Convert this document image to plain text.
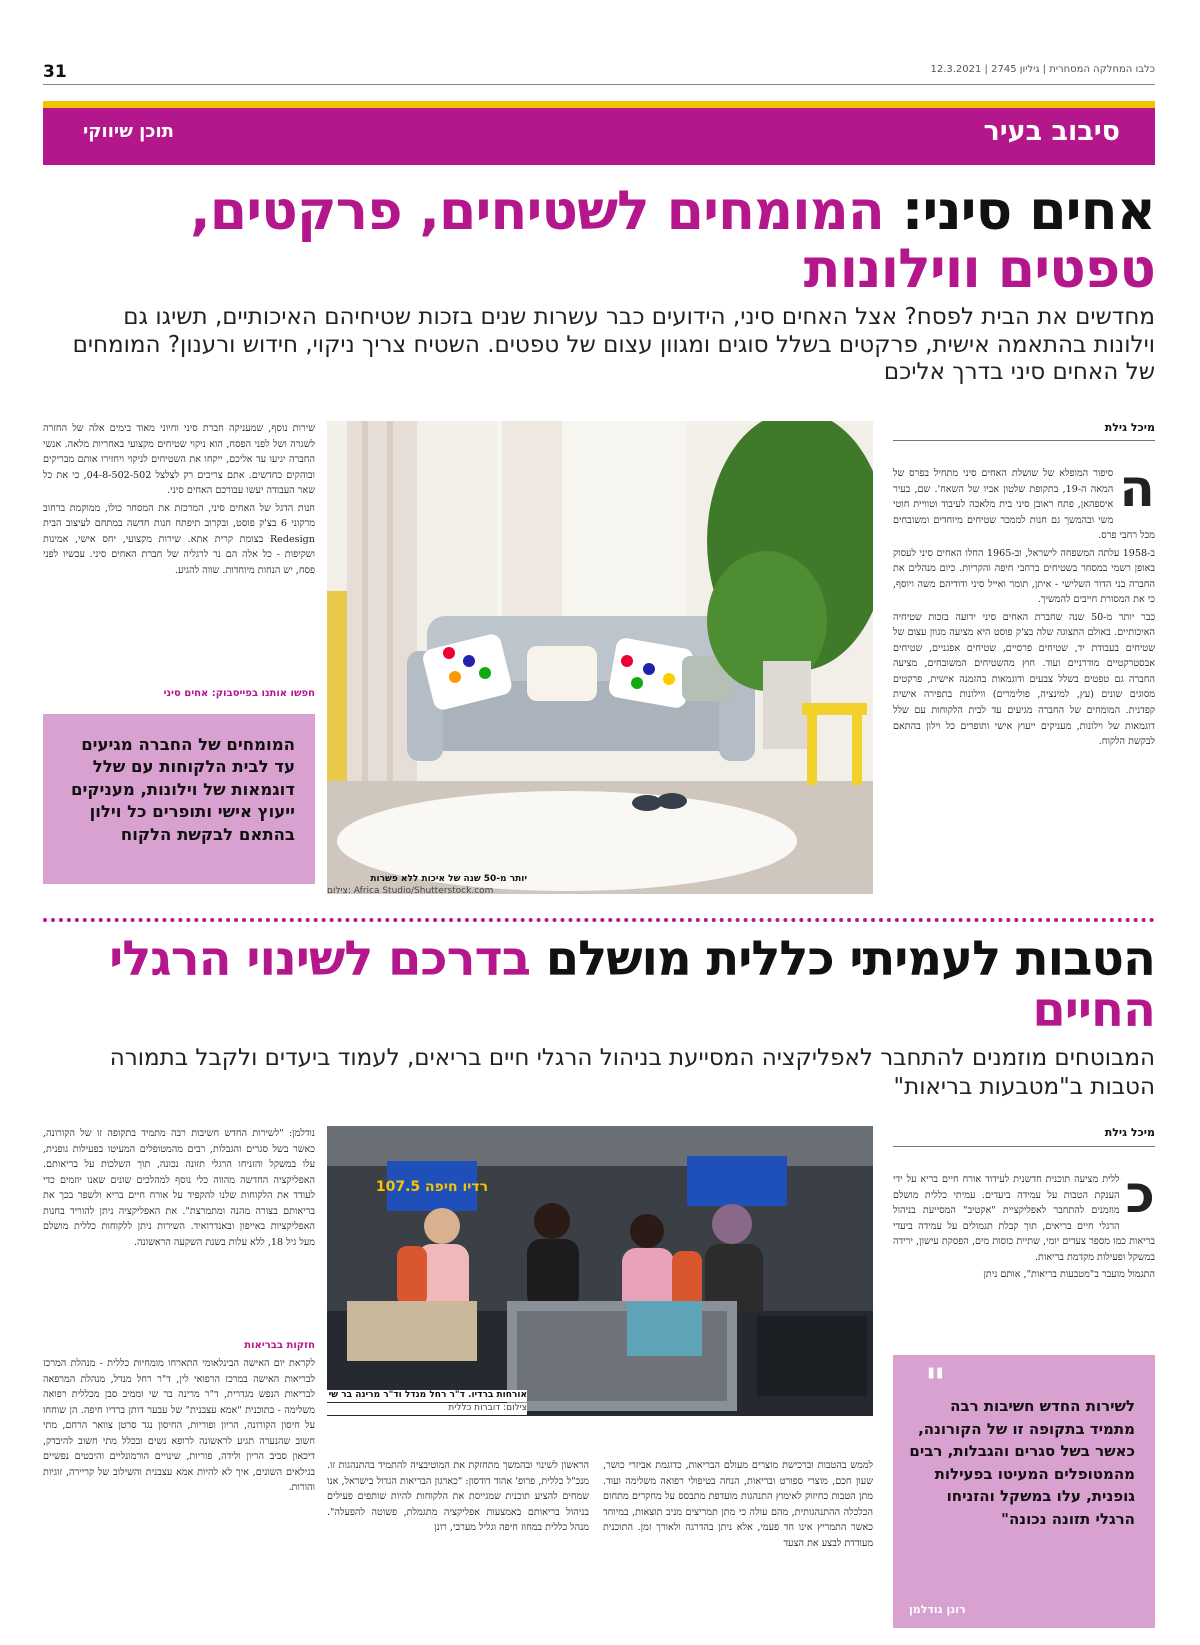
31	כלבו המחלקה המסחרית | גיליון 2745 | 12.3.2021
סיבוב בעיר
תוכן שיווקי
אחים סיני: המומחים לשטיחים, פרקטים, טפטים ווילונות
מחדשים את הבית לפסח? אצל האחים סיני, הידועים כבר עשרות שנים בזכות שטיחיהם האיכותיים, תשיגו גם וילונות בהתאמה אישית, פרקטים בשלל סוגים ומגוון עצום של טפטים. השטיח צריך ניקוי, חידוש ורענון? המומחים של האחים סיני בדרך אליכם
מיכל גילת
ה

סיפור המופלא של שושלת האחים סיני מתחיל בפרס של המאה ה-19, בתקופת שלטון אביו של השאח'. שם, בעיר איספהאן, פתח ראובן סיני בית מלאכה לעיבוד וטוויית חוטי משי ובהמשך גם חנות לממכר שטיחים מיוחדים ומשובחים מכל רחבי פרס.

ב-1958 עלתה המשפחה לישראל, וב-1965 החלו האחים סיני לעסוק באופן רשמי במסחר בשטיחים ברחבי חיפה והקריות. כיום מנהלים את החברה בני הדור השלישי - איתן, תומר ואייל סיני ודודיהם משה ויוסף, כי את המסורת חייבים להמשיך.

כבר יותר מ-50 שנה שחברת האחים סיני ידועה בזכות שטיחיה האיכותיים. באולם התצוגה שלה בצ'ק פוסט היא מציעה מגוון עצום של שטיחים בעבודת יד, שטיחים פרסיים, שטיחים אפגניים, שטיחים אבסטרקטיים מודרניים ועוד. חוץ מהשטיחים המשובחים, מציעה החברה גם טפטים בשלל צבעים ודוגמאות בהזמנה אישית, פרקטים מסוגים שונים (עץ, למינציה, פולימרים) ווילונות בתפירה אישית קפדנית. המומחים של החברה מגיעים עד לבית הלקוחות עם שלל דוגמאות של וילונות, מעניקים ייעוץ אישי ותופרים כל וילון בהתאם לבקשת הלקוח.

יותר מ-50 שנה של איכות ללא פשרות
צילום: Africa Studio/Shutterstock.com

שירות נוסף, שמעניקה חברת סיני וחיוני מאוד בימים אלה של החזרה לשגרה ושל לפני הפסח, הוא ניקוי שטיחים מקצועי באחריות מלאה. אנשי החברה יגיעו עד אליכם, ייקחו את השטיחים לניקוי ויחזירו אותם מבריקים ובוהקים כחדשים. אתם צריכים רק לצלצל 04-8-502-502, כי את כל שאר העבודה יעשו עבורכם האחים סיני.

חנות הדגל של האחים סיני, המרכזת את המסחר כולו, ממוקמת ברחוב מרקוני 6 בצ'ק פוסט, ובקרוב תיפתח חנות חדשה במתחם לעיצוב הבית Redesign בצומת קרית אתא. שירות מקצועי, יחס אישי, אמינות ושקיפות - כל אלה הם נר לרגליה של חברת האחים סיני. עכשיו לפני פסח, יש הנחות מיוחדות. שווה להגיע.

חפשו אותנו בפייסבוק: אחים סיני
המומחים של החברה מגיעים עד לבית הלקוחות עם שלל דוגמאות של וילונות, מעניקים ייעוץ אישי ותופרים כל וילון בהתאם לבקשת הלקוח
הטבות לעמיתי כללית מושלם בדרכם לשינוי הרגלי החיים
המבוטחים מוזמנים להתחבר לאפליקציה המסייעת בניהול הרגלי חיים בריאים, לעמוד ביעדים ולקבל בתמורה הטבות ב"מטבעות בריאות"
מיכל גילת
כ

ללית מציעה תוכנית חדשנית לעידוד אורח חיים בריא על ידי הענקת הטבות על עמידה ביעדים. עמיתי כללית מושלם מוזמנים להתחבר לאפליקציית "אקטיב" המסייעת בניהול הרגלי חיים בריאים, תוך קבלת תגמולים על עמידה ביעדי בריאות כמו מספר צעדים יומי, שתיית כוסות מים, הפסקת עישון, ירידה במשקל ופעילות מקדמת בריאות.

התגמול מועבר ב"מטבעות בריאות", אותם ניתן

" לשירות החדש חשיבות רבה מתמיד בתקופה זו של הקורונה, כאשר בשל סגרים והגבלות, רבים מהמטופלים המעיטו בפעילות גופנית, עלו במשקל והזניחו הרגלי תזונה נכונה"
רונן נודלמן
רדיו חיפה 107.5
אורחות ברדיו. ד"ר רחל מנדל וד"ר מרינה בר שי
צילום: דוברות כללית

לממש בהטבות וברכישת מוצרים מעולם הבריאות, כדוגמת אביזרי כושר, שעון חכם, מוצרי ספורט ובריאות, הנחה בטיפולי רפואה משלימה ועוד. מתן הטבות כחיזוק לאימוץ התנהגות מועדפת מתבסס על מחקרים מתחום הכלכלה ההתנהגותית, מהם עולה כי מתן תמריצים מניב תוצאות, במיוחד כאשר התמריץ אינו חד פעמי, אלא ניתן בהדרגה ולאורך זמן. התוכנית מעודדת לבצע את הצעד

הראשון לשינוי ובהמשך מתחזקת את המוטיבציה להתמיד בהתנהגות זו. מנכ"ל כללית, פרופ' אהוד דודסון: "כארגון הבריאות הגדול בישראל, אנו שמחים להציע תוכנית שמגייסת את הלקוחות להיות שותפים פעילים בניהול בריאותם באמצעות אפליקציה מתגמלת, פשוטה להפעלה". מנהל כללית במחוז חיפה וגליל מערבי, רונן

נודלמן: "לשירות החדש חשיבות רבה מתמיד בתקופה זו של הקורונה, כאשר בשל סגרים והגבלות, רבים מהמטופלים המעיטו בפעילות גופנית, עלו במשקל והזניחו הרגלי תזונה נכונה, תוך השלכות על בריאותם. האפליקציה החדשה מהווה כלי נוסף למהלכים שונים שאנו יוזמים כדי לעודד את הלקוחות שלנו להקפיד על אורח חיים בריא ולשפר בכך את בריאותם בצורה מהנה ומתמרצת". את האפליקציה ניתן להוריד בחנות האפליקציות באייפון ובאנדרואיד. השירות ניתן ללקוחות כללית מושלם מעל גיל 18, ללא עלות בשנת השקעה הראשונה.

חזקות בבריאות

לקראת יום האישה הבינלאומי התארחו מומחיות כללית - מנהלת המרכז לבריאות האישה במרכז הרפואי לין, ד"ר רחל מנדל, מנהלת המרפאה לבריאות הנפש מגדרית, ד"ר מרינה בר שי וממיב סבן מכללית רפואה משלימה - בתוכנית "אמא עצבנית" של עבער דותן ברדיו חיפה. הן שוחחו על חיסון הקורונה, הריון ופוריות, החיסון נגד סרטן צוואר הרחם, מתי חשוב שהנערה תגיע לראשונה לרופא נשים ובכלל מתי חשוב להיבדק, דיכאון סביב הריון ולידה, פוריות, שינויים הורמונליים והיבטים נפשיים בגילאים השונים, איך לא להיות אמא עצבנית והשילוב של קריירה, זוגיות והורות.
